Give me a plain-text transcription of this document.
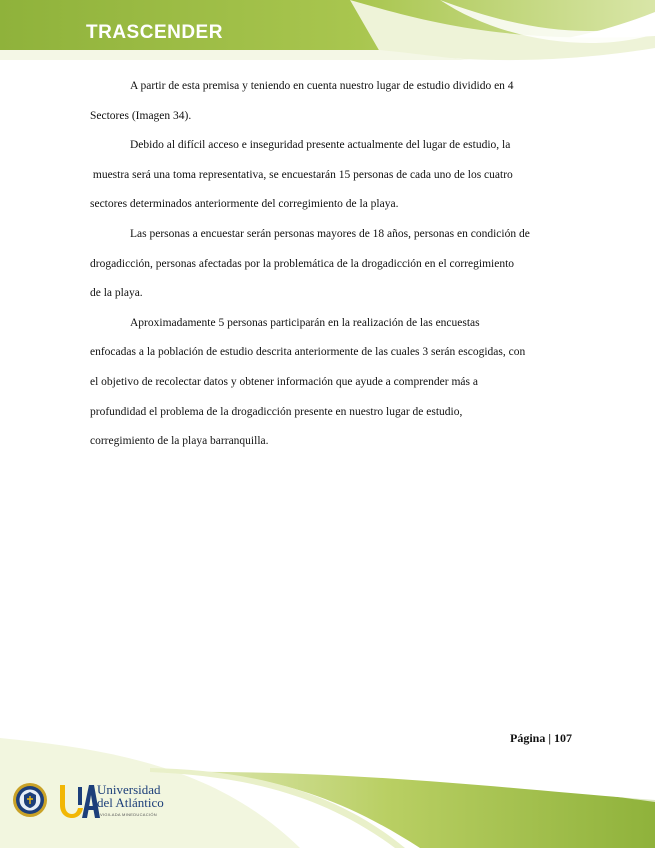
TRASCENDER

A partir de esta premisa y teniendo en cuenta nuestro lugar de estudio dividido en 4
Sectores (Imagen 34).

Debido al difícil acceso e inseguridad presente actualmente del lugar de estudio, la
muestra será una toma representativa, se encuestarán 15 personas de cada uno de los cuatro
sectores determinados anteriormente del corregimiento de la playa.

Las personas a encuestar serán personas mayores de 18 años, personas en condición de
drogadicción, personas afectadas por la problemática de la drogadicción en el corregimiento
de la playa.

Aproximadamente 5 personas participarán en la realización de las encuestas
enfocadas a la población de estudio descrita anteriormente de las cuales 3 serán escogidas, con
el objetivo de recolectar datos y obtener información que ayude a comprender más a
profundidad el problema de la drogadicción presente en nuestro lugar de estudio,
corregimiento de la playa barranquilla.

Página | 107
Universidad
del Atlántico
VIGILADA MINEDUCACIÓN
